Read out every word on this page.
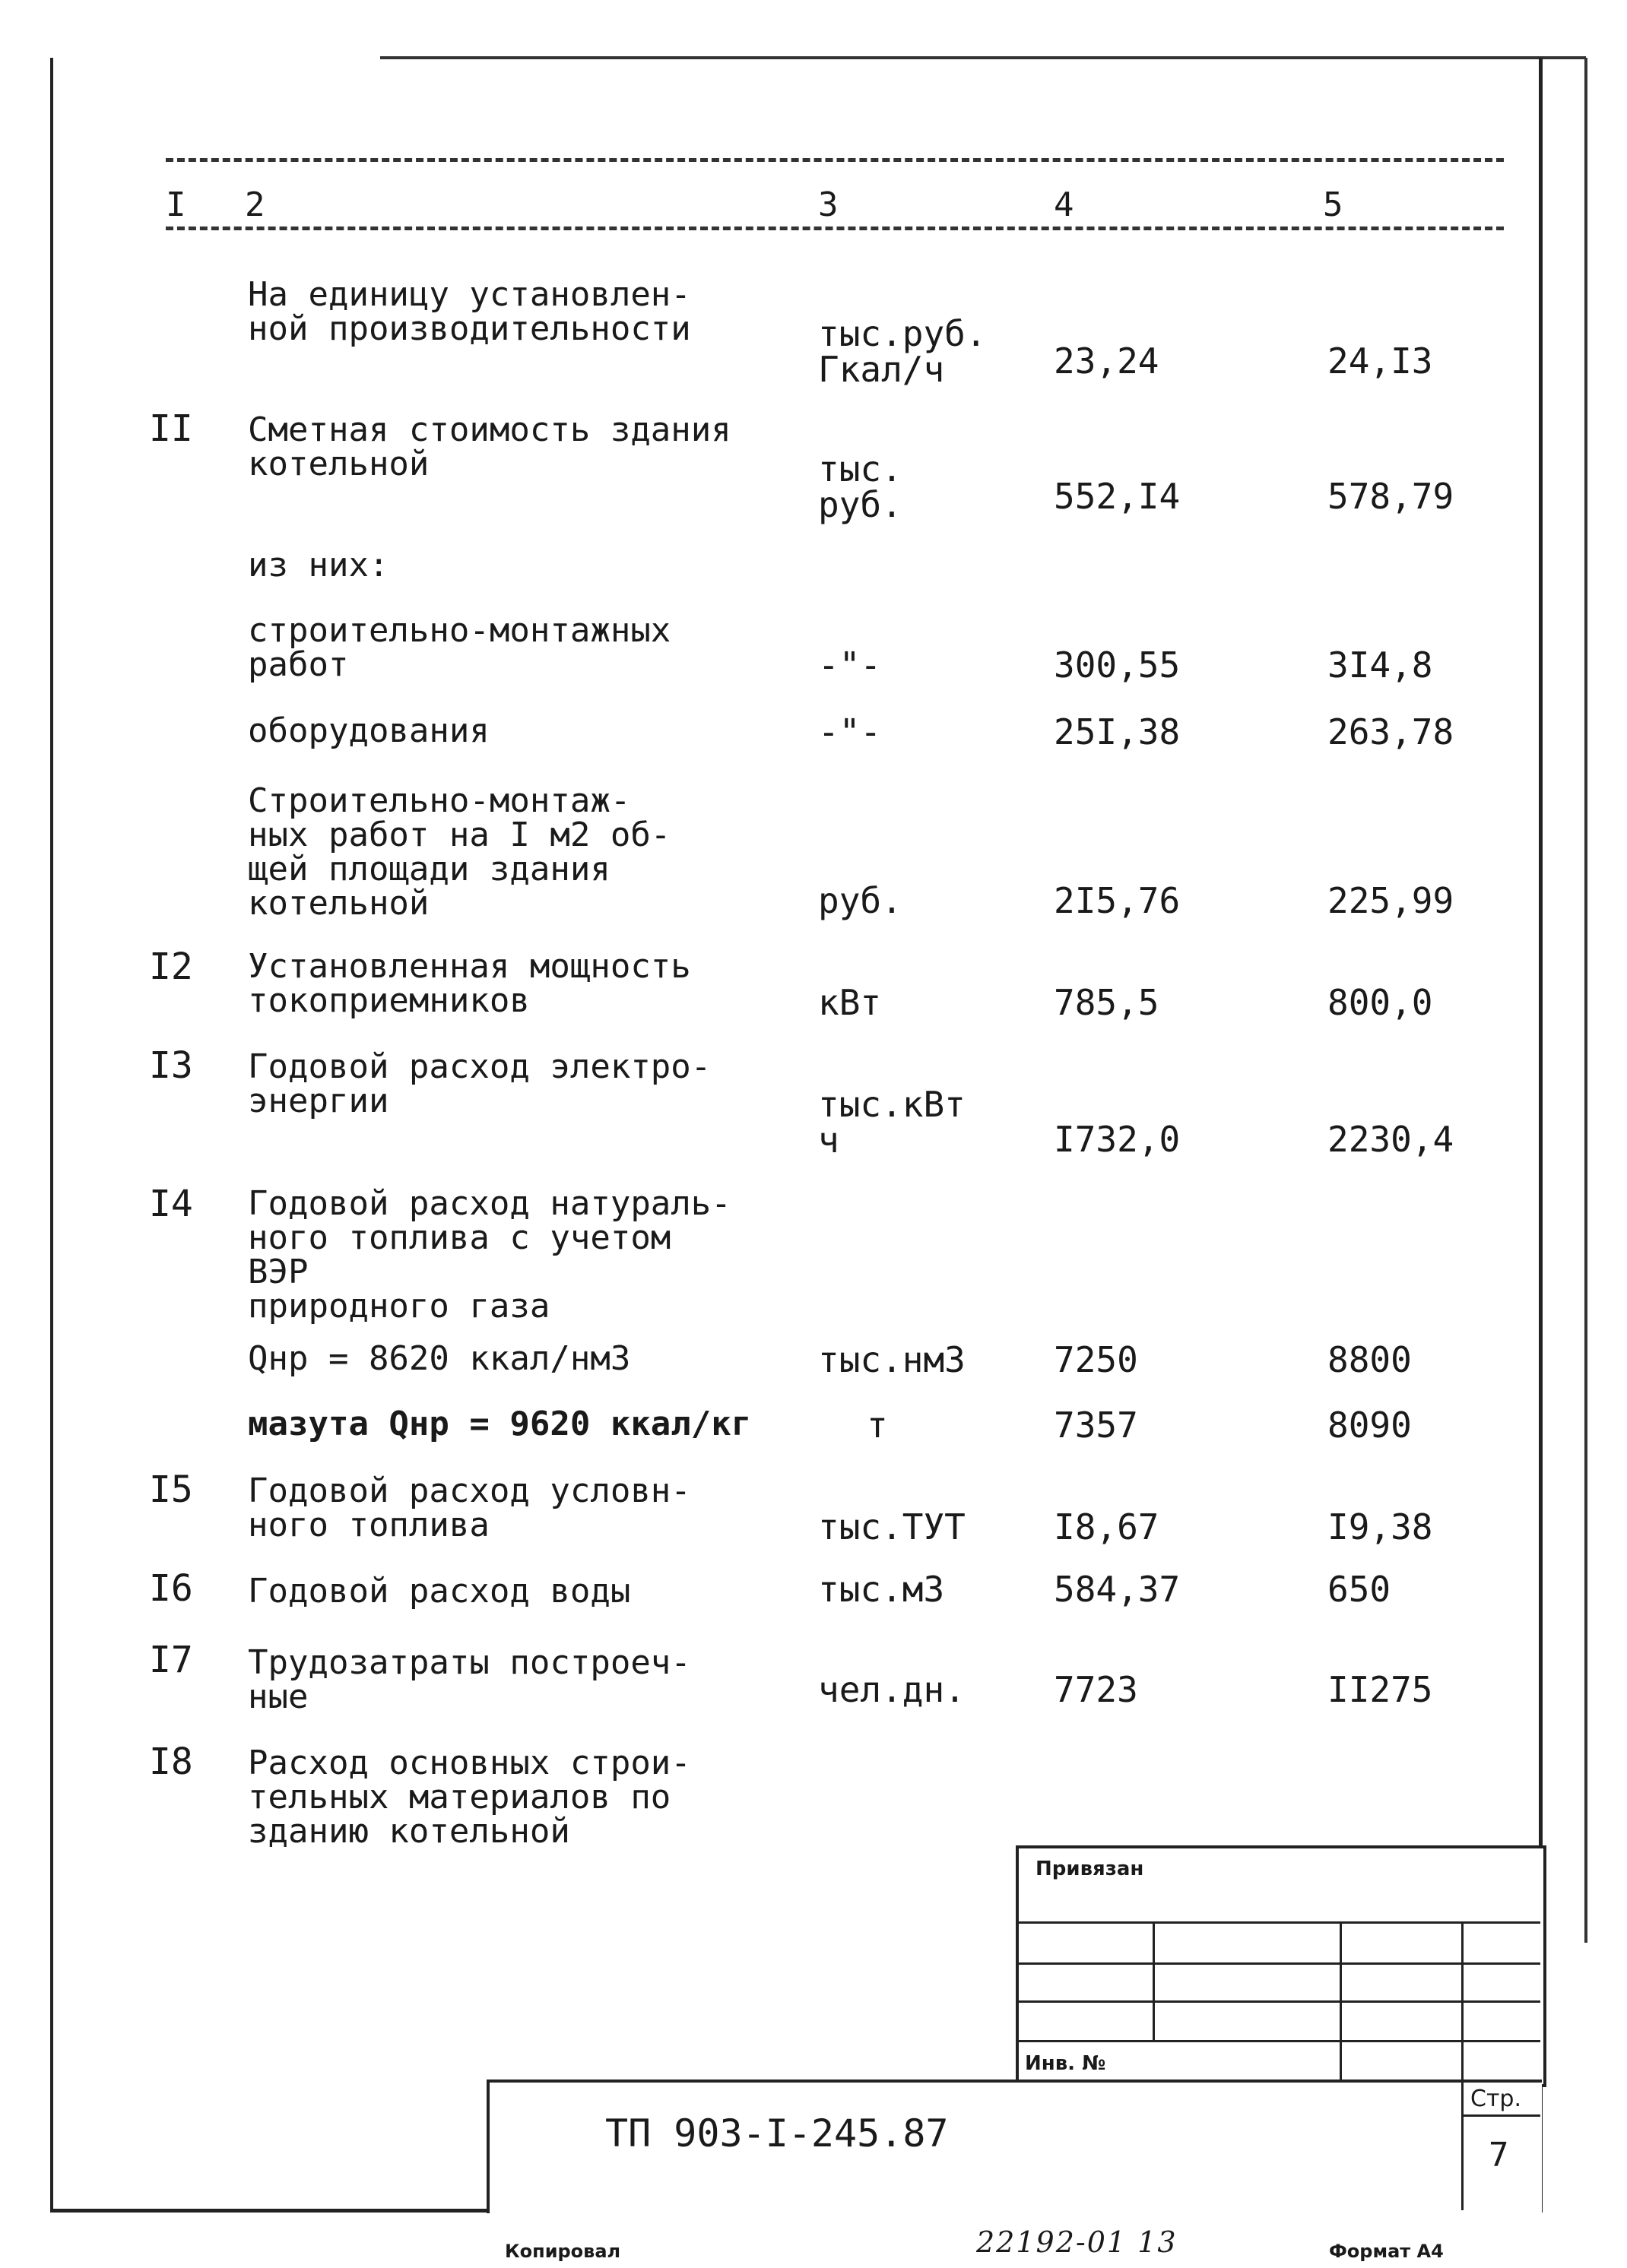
I 2	3	4	5
На единицу установлен-
ной производительности	тыс.руб.
Гкал/ч	23,24	24,I3
II Сметная стоимость здания
котельной	тыс.
руб.	552,I4	578,79
из них:
строительно-монтажных
работ	-"-	300,55	3I4,8
оборудования	-"-	25I,38	263,78
Строительно-монтаж-
ных работ на I м2 об-
щей площади здания
котельной	руб.	2I5,76	225,99
I2 Установленная мощность
токоприемников	кВт	785,5	800,0
I3 Годовой расход электро-
энергии	тыс.кВт
ч	I732,0	2230,4
I4 Годовой расход натураль-
ного топлива с учетом
ВЭР
природного газа
Qнр = 8620 ккал/нм3	тыс.нм3	7250	8800
мазута Qнр = 9620 ккал/кг	т	7357	8090
I5 Годовой расход условн-
ного топлива	тыс.ТУТ	I8,67	I9,38
I6 Годовой расход воды	тыс.м3	584,37	650
I7 Трудозатраты построеч-
ные	чел.дн.	7723	II275
I8 Расход основных строи-
тельных материалов по
зданию котельной
Привязан
Инв. №
ТП 903-I-245.87
Стр.
7
Копировал	22192-01 13	Формат А4
